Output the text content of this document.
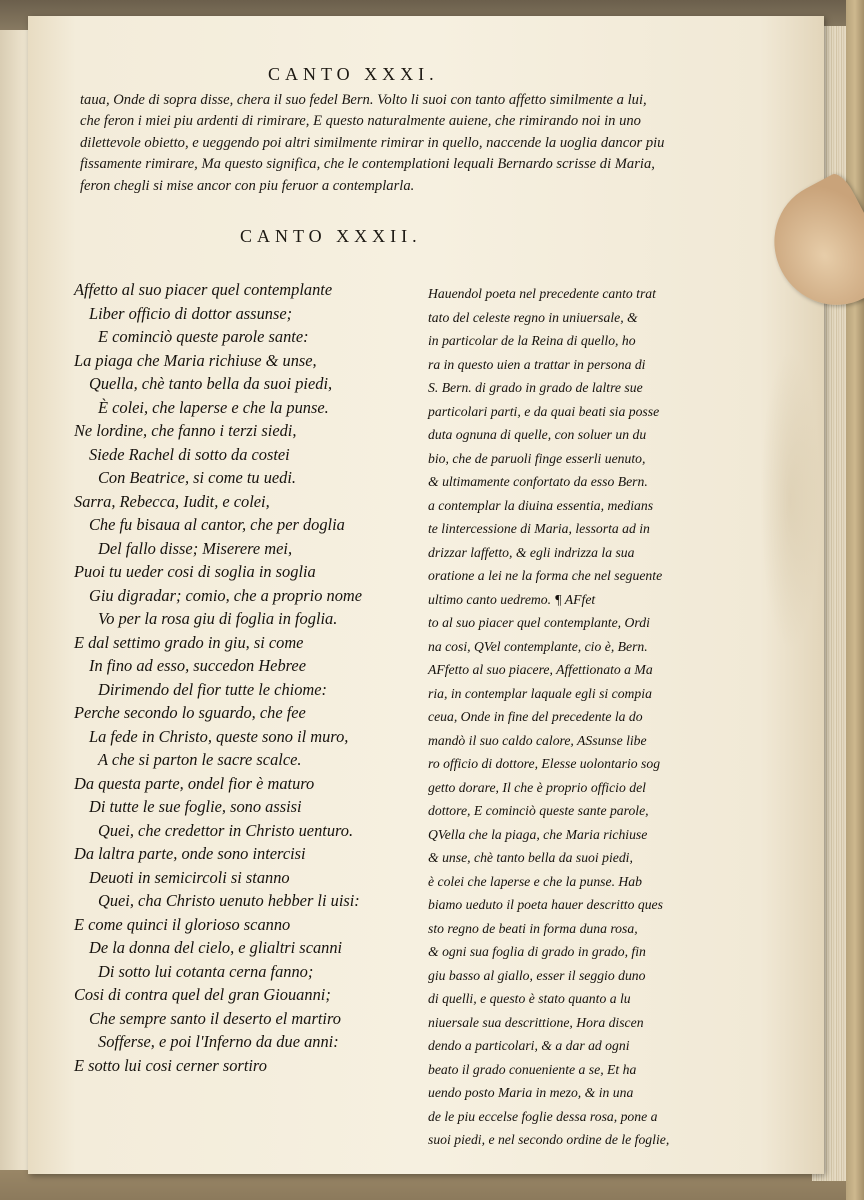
CANTO XXXI.
taua, Onde di sopra disse, chera il suo fedel Bern. Volto li suoi con tanto affetto similmente a lui,
che feron i miei piu ardenti di rimirare, E questo naturalmente auiene, che rimirando noi in uno
dilettevole obietto, e ueggendo poi altri similmente rimirar in quello, naccende la uoglia dancor piu
fissamente rimirare, Ma questo significa, che le contemplationi lequali Bernardo scrisse di Maria,
feron chegli si mise ancor con piu feruor a contemplarla.
CANTO XXXII.
Affetto al suo piacer quel contemplante
Liber officio di dottor assunse;
E cominciò queste parole sante:
La piaga che Maria richiuse & unse,
Quella, chè tanto bella da suoi piedi,
È colei, che laperse e che la punse.
Ne lordine, che fanno i terzi siedi,
Siede Rachel di sotto da costei
Con Beatrice, si come tu uedi.
Sarra, Rebecca, Iudit, e colei,
Che fu bisaua al cantor, che per doglia
Del fallo disse; Miserere mei,
Puoi tu ueder cosi di soglia in soglia
Giu digradar; comio, che a proprio nome
Vo per la rosa giu di foglia in foglia.
E dal settimo grado in giu, si come
In fino ad esso, succedon Hebree
Dirimendo del fior tutte le chiome:
Perche secondo lo sguardo, che fee
La fede in Christo, queste sono il muro,
A che si parton le sacre scalce.
Da questa parte, ondel fior è maturo
Di tutte le sue foglie, sono assisi
Quei, che credettor in Christo uenturo.
Da laltra parte, onde sono intercisi
Deuoti in semicircoli si stanno
Quei, cha Christo uenuto hebber li uisi:
E come quinci il glorioso scanno
De la donna del cielo, e glialtri scanni
Di sotto lui cotanta cerna fanno;
Cosi di contra quel del gran Giouanni;
Che sempre santo il deserto el martiro
Sofferse, e poi l'Inferno da due anni:
E sotto lui cosi cerner sortiro
Hauendol poeta nel precedente canto trat
tato del celeste regno in uniuersale, &
in particolar de la Reina di quello, ho
ra in questo uien a trattar in persona di
S. Bern. di grado in grado de laltre sue
particolari parti, e da quai beati sia posse
duta ognuna di quelle, con soluer un du
bio, che de paruoli finge esserli uenuto,
& ultimamente confortato da esso Bern.
a contemplar la diuina essentia, medians
te lintercessione di Maria, lessorta ad in
drizzar laffetto, & egli indrizza la sua
oratione a lei ne la forma che nel seguente
ultimo canto uedremo. ¶ AFfet
to al suo piacer quel contemplante, Ordi
na cosi, QVel contemplante, cio è, Bern.
AFfetto al suo piacere, Affettionato a Ma
ria, in contemplar laquale egli si compia
ceua, Onde in fine del precedente la do
mandò il suo caldo calore, ASsunse libe
ro officio di dottore, Elesse uolontario sog
getto dorare, Il che è proprio officio del
dottore, E cominciò queste sante parole,
QVella che la piaga, che Maria richiuse
& unse, chè tanto bella da suoi piedi,
è colei che laperse e che la punse. Hab
biamo ueduto il poeta hauer descritto ques
sto regno de beati in forma duna rosa,
& ogni sua foglia di grado in grado, fin
giu basso al giallo, esser il seggio duno
di quelli, e questo è stato quanto a lu
niuersale sua descrittione, Hora discen
dendo a particolari, & a dar ad ogni
beato il grado conueniente a se, Et ha
uendo posto Maria in mezo, & in una
de le piu eccelse foglie dessa rosa, pone a
suoi piedi, e nel secondo ordine de le foglie,
